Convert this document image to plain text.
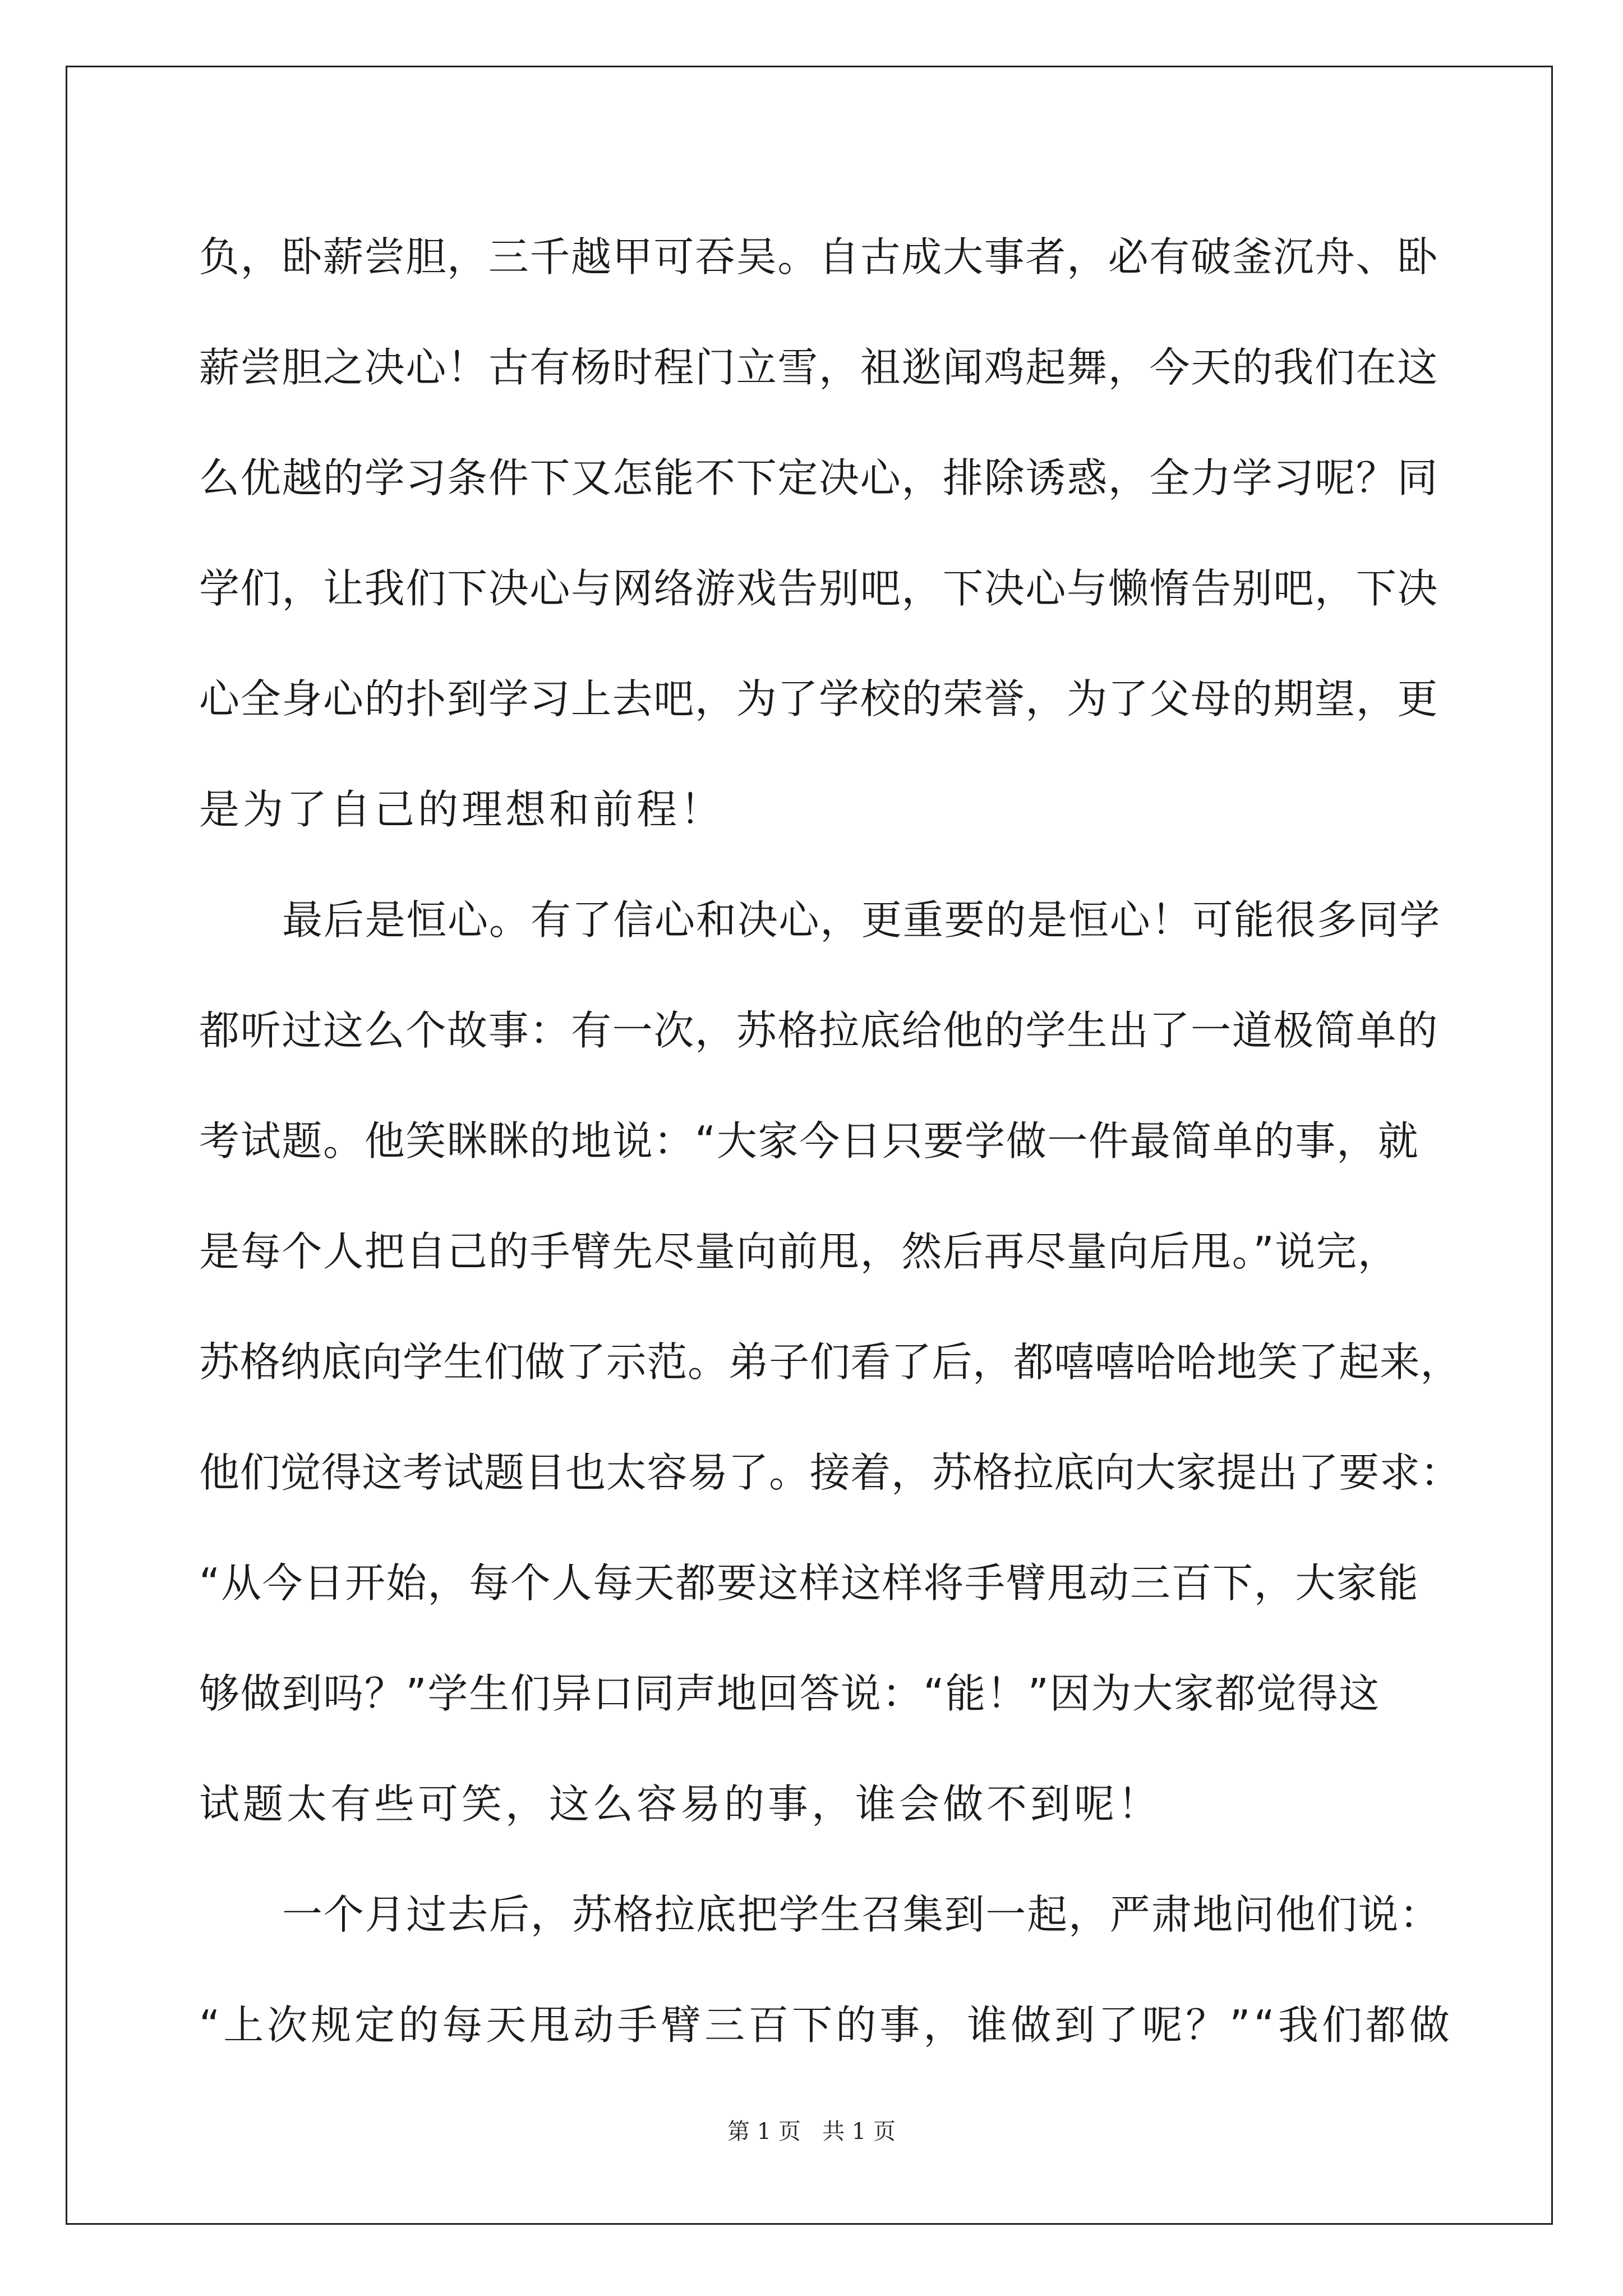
负，卧薪尝胆，三千越甲可吞吴。自古成大事者，必有破釜沉舟、卧
薪尝胆之决心！古有杨时程门立雪，祖逖闻鸡起舞，今天的我们在这
么优越的学习条件下又怎能不下定决心，排除诱惑，全力学习呢？同
学们，让我们下决心与网络游戏告别吧，下决心与懒惰告别吧，下决
心全身心的扑到学习上去吧，为了学校的荣誉，为了父母的期望，更
是为了自己的理想和前程！
最后是恒心。有了信心和决心，更重要的是恒心！可能很多同学
都听过这么个故事：有一次，苏格拉底给他的学生出了一道极简单的
考试题。他笑眯眯的地说：“大家今日只要学做一件最简单的事，就
是每个人把自己的手臂先尽量向前甩，然后再尽量向后甩。”说完，
苏格纳底向学生们做了示范。弟子们看了后，都嘻嘻哈哈地笑了起来，
他们觉得这考试题目也太容易了。接着，苏格拉底向大家提出了要求：
“从今日开始，每个人每天都要这样这样将手臂甩动三百下，大家能
够做到吗？”学生们异口同声地回答说：“能！”因为大家都觉得这
试题太有些可笑，这么容易的事，谁会做不到呢！
一个月过去后，苏格拉底把学生召集到一起，严肃地问他们说：
“上次规定的每天甩动手臂三百下的事，谁做到了呢？”“我们都做
第 1 页   共 1 页
